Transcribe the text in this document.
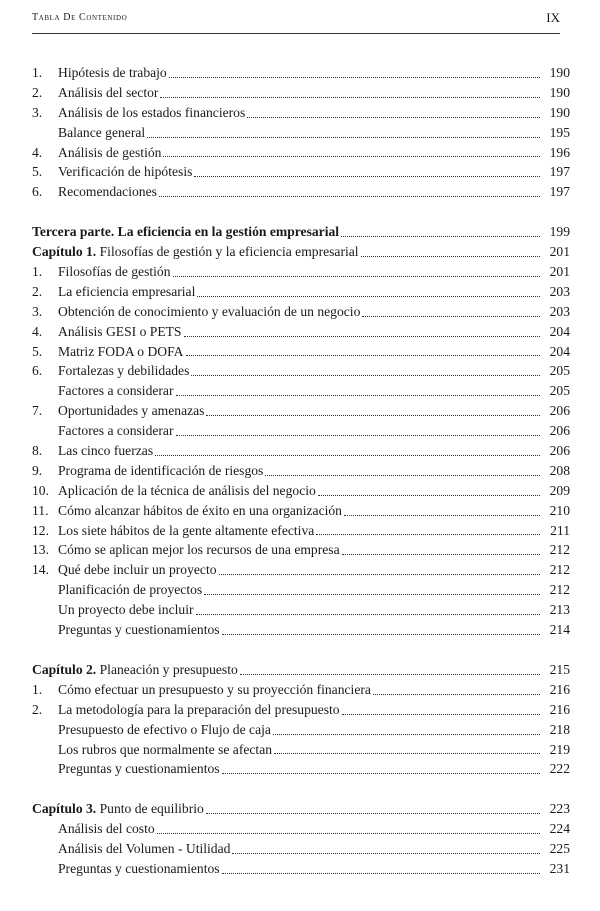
Tabla De Contenido	IX
1.	Hipótesis de trabajo	190
2.	Análisis del sector	190
3.	Análisis de los estados financieros	190
Balance general	195
4.	Análisis de gestión	196
5.	Verificación de hipótesis	197
6.	Recomendaciones	197
Tercera parte. La eficiencia en la gestión empresarial	199
Capítulo 1. Filosofías de gestión y la eficiencia empresarial	201
1.	Filosofías de gestión	201
2.	La eficiencia empresarial	203
3.	Obtención de conocimiento y evaluación de un negocio	203
4.	Análisis GESI o PETS	204
5.	Matriz FODA o DOFA	204
6.	Fortalezas y debilidades	205
Factores a considerar	205
7.	Oportunidades y amenazas	206
Factores a considerar	206
8.	Las cinco fuerzas	206
9.	Programa de identificación de riesgos	208
10. Aplicación de la técnica de análisis del negocio	209
11. Cómo alcanzar hábitos de éxito en una organización	210
12. Los siete hábitos de la gente altamente efectiva	211
13. Cómo se aplican mejor los recursos de una empresa	212
14. Qué debe incluir un proyecto	212
Planificación de proyectos	212
Un proyecto debe incluir	213
Preguntas y cuestionamientos	214
Capítulo 2. Planeación y presupuesto	215
1.	Cómo efectuar un presupuesto y su proyección financiera	216
2.	La metodología para la preparación del presupuesto	216
Presupuesto de efectivo o Flujo de caja	218
Los rubros que normalmente se afectan	219
Preguntas y cuestionamientos	222
Capítulo 3. Punto de equilibrio	223
Análisis del costo	224
Análisis del Volumen - Utilidad	225
Preguntas y cuestionamientos	231
